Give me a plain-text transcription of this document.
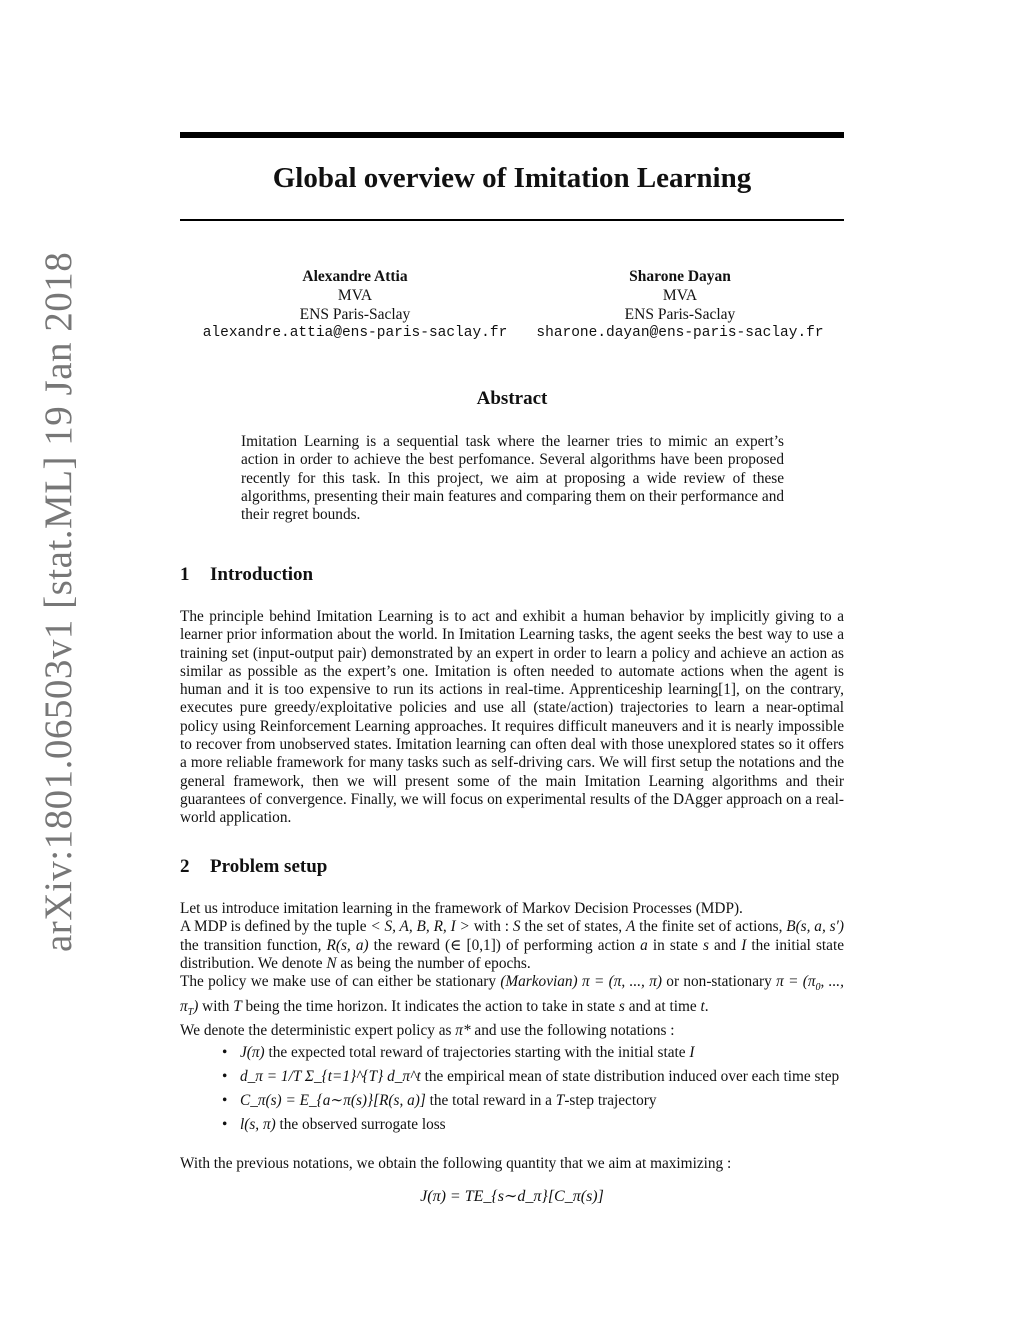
arXiv:1801.06503v1 [stat.ML] 19 Jan 2018
Global overview of Imitation Learning
Alexandre Attia
MVA
ENS Paris-Saclay
alexandre.attia@ens-paris-saclay.fr
Sharone Dayan
MVA
ENS Paris-Saclay
sharone.dayan@ens-paris-saclay.fr
Abstract
Imitation Learning is a sequential task where the learner tries to mimic an expert’s action in order to achieve the best perfomance. Several algorithms have been proposed recently for this task. In this project, we aim at proposing a wide review of these algorithms, presenting their main features and comparing them on their performance and their regret bounds.
1 Introduction
The principle behind Imitation Learning is to act and exhibit a human behavior by implicitly giving to a learner prior information about the world. In Imitation Learning tasks, the agent seeks the best way to use a training set (input-output pair) demonstrated by an expert in order to learn a policy and achieve an action as similar as possible as the expert’s one. Imitation is often needed to automate actions when the agent is human and it is too expensive to run its actions in real-time. Apprenticeship learning[1], on the contrary, executes pure greedy/exploitative policies and use all (state/action) trajectories to learn a near-optimal policy using Reinforcement Learning approaches. It requires difficult maneuvers and it is nearly impossible to recover from unobserved states. Imitation learning can often deal with those unexplored states so it offers a more reliable framework for many tasks such as self-driving cars. We will first setup the notations and the general framework, then we will present some of the main Imitation Learning algorithms and their guarantees of convergence. Finally, we will focus on experimental results of the DAgger approach on a real-world application.
2 Problem setup
Let us introduce imitation learning in the framework of Markov Decision Processes (MDP).
A MDP is defined by the tuple < S, A, B, R, I > with : S the set of states, A the finite set of actions, B(s, a, s′) the transition function, R(s, a) the reward (∈ [0,1]) of performing action a in state s and I the initial state distribution. We denote N as being the number of epochs.
The policy we make use of can either be stationary (Markovian) π = (π, ..., π) or non-stationary $\pi = (\pi_0$, ..., $\pi_T$) with T being the time horizon. It indicates the action to take in state s and at time t.
We denote the deterministic expert policy as π* and use the following notations :
• J(π) the expected total reward of trajectories starting with the initial state I
• d_π = 1/T Σ_{t=1}^{T} d_π^t the empirical mean of state distribution induced over each time step
• C_π(s) = E_{a∼π(s)}[R(s, a)] the total reward in a T-step trajectory
• l(s, π) the observed surrogate loss
With the previous notations, we obtain the following quantity that we aim at maximizing :
J(π) = TE_{s∼d_π}[C_π(s)]
